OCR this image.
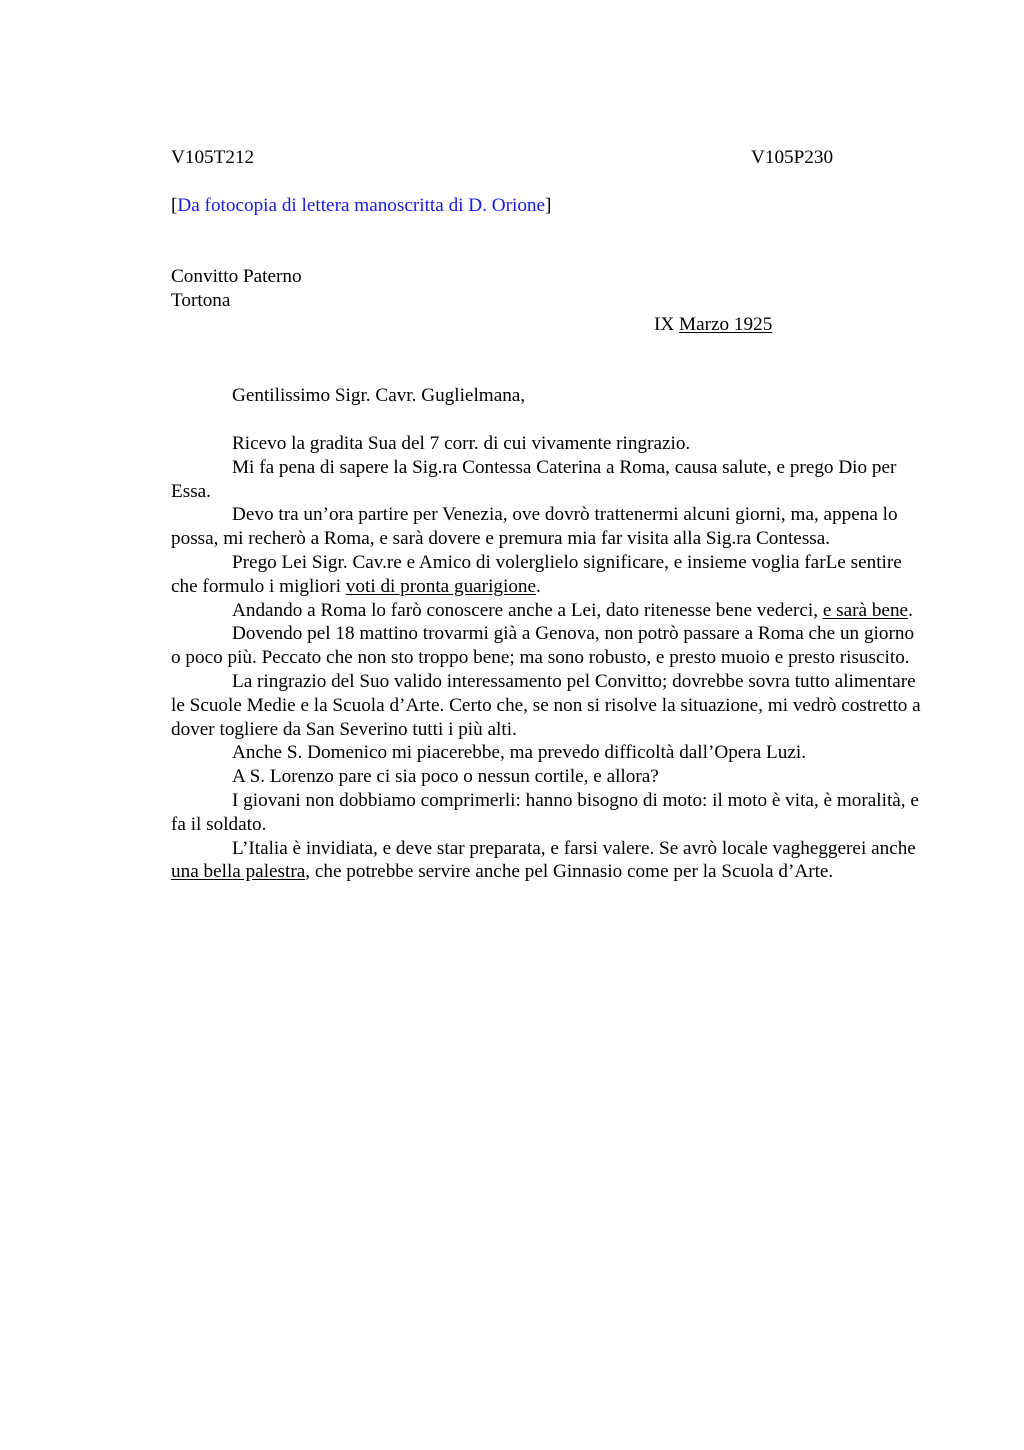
V105T212	V105P230
[Da fotocopia di lettera manoscritta di D. Orione]
Convitto Paterno
Tortona
IX Marzo 1925
Gentilissimo Sigr. Cavr. Guglielmana,

Ricevo la gradita Sua del 7 corr. di cui vivamente ringrazio.

Mi fa pena di sapere la Sig.ra Contessa Caterina a Roma, causa salute, e prego Dio per Essa.

Devo tra un’ora partire per Venezia, ove dovrò trattenermi alcuni giorni, ma, appena lo possa, mi recherò a Roma, e sarà dovere e premura mia far visita alla Sig.ra Contessa.

Prego Lei Sigr. Cav.re e Amico di volerglielo significare, e insieme voglia farLe sentire che formulo i migliori voti di pronta guarigione.

Andando a Roma lo farò conoscere anche a Lei, dato ritenesse bene vederci, e sarà bene.

Dovendo pel 18 mattino trovarmi già a Genova, non potrò passare a Roma che un giorno o poco più. Peccato che non sto troppo bene; ma sono robusto, e presto muoio e presto risuscito.

La ringrazio del Suo valido interessamento pel Convitto; dovrebbe sovra tutto alimentare le Scuole Medie e la Scuola d’Arte. Certo che, se non si risolve la situazione, mi vedrò costretto a dover togliere da San Severino tutti i più alti.

Anche S. Domenico mi piacerebbe, ma prevedo difficoltà dall’Opera Luzi.

A S. Lorenzo pare ci sia poco o nessun cortile, e allora?

I giovani non dobbiamo comprimerli: hanno bisogno di moto: il moto è vita, è moralità, e fa il soldato.

L’Italia è invidiata, e deve star preparata, e farsi valere. Se avrò locale vagheggerei anche una bella palestra, che potrebbe servire anche pel Ginnasio come per la Scuola d’Arte.
